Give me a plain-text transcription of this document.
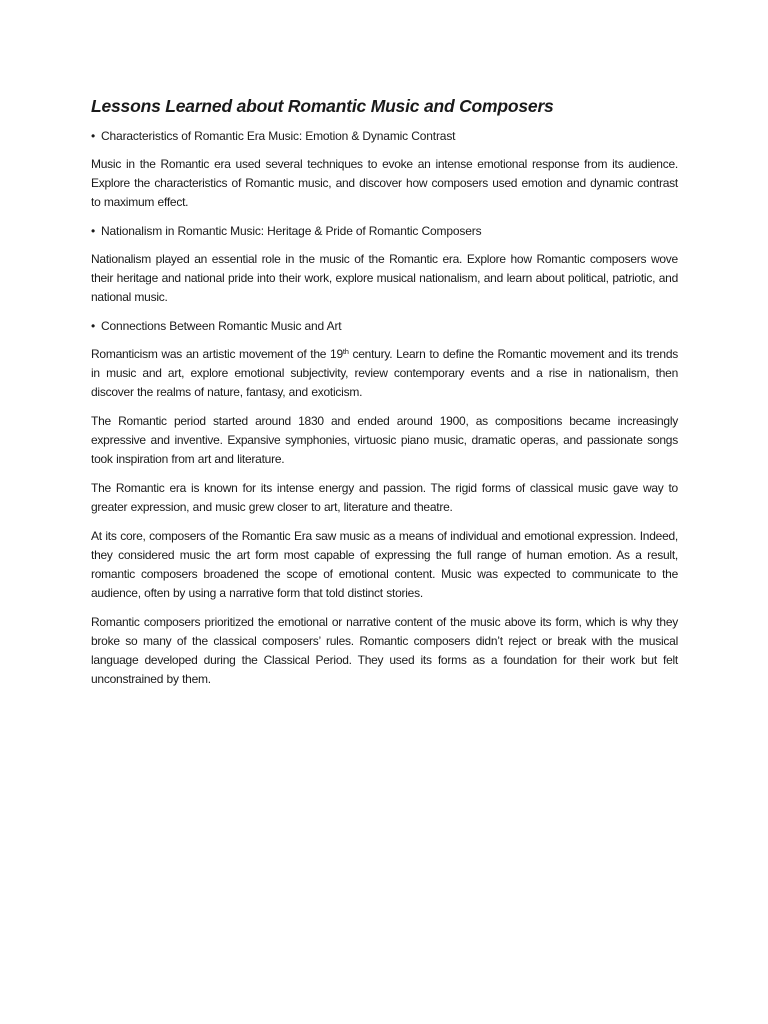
Lessons Learned about Romantic Music and Composers

• Characteristics of Romantic Era Music: Emotion & Dynamic Contrast

Music in the Romantic era used several techniques to evoke an intense emotional response from its audience. Explore the characteristics of Romantic music, and discover how composers used emotion and dynamic contrast to maximum effect.

• Nationalism in Romantic Music: Heritage & Pride of Romantic Composers

Nationalism played an essential role in the music of the Romantic era. Explore how Romantic composers wove their heritage and national pride into their work, explore musical nationalism, and learn about political, patriotic, and national music.

• Connections Between Romantic Music and Art

Romanticism was an artistic movement of the 19th century. Learn to define the Romantic movement and its trends in music and art, explore emotional subjectivity, review contemporary events and a rise in nationalism, then discover the realms of nature, fantasy, and exoticism.

The Romantic period started around 1830 and ended around 1900, as compositions became increasingly expressive and inventive. Expansive symphonies, virtuosic piano music, dramatic operas, and passionate songs took inspiration from art and literature.

The Romantic era is known for its intense energy and passion. The rigid forms of classical music gave way to greater expression, and music grew closer to art, literature and theatre.

At its core, composers of the Romantic Era saw music as a means of individual and emotional expression. Indeed, they considered music the art form most capable of expressing the full range of human emotion. As a result, romantic composers broadened the scope of emotional content. Music was expected to communicate to the audience, often by using a narrative form that told distinct stories.

Romantic composers prioritized the emotional or narrative content of the music above its form, which is why they broke so many of the classical composers’ rules. Romantic composers didn’t reject or break with the musical language developed during the Classical Period. They used its forms as a foundation for their work but felt unconstrained by them.
